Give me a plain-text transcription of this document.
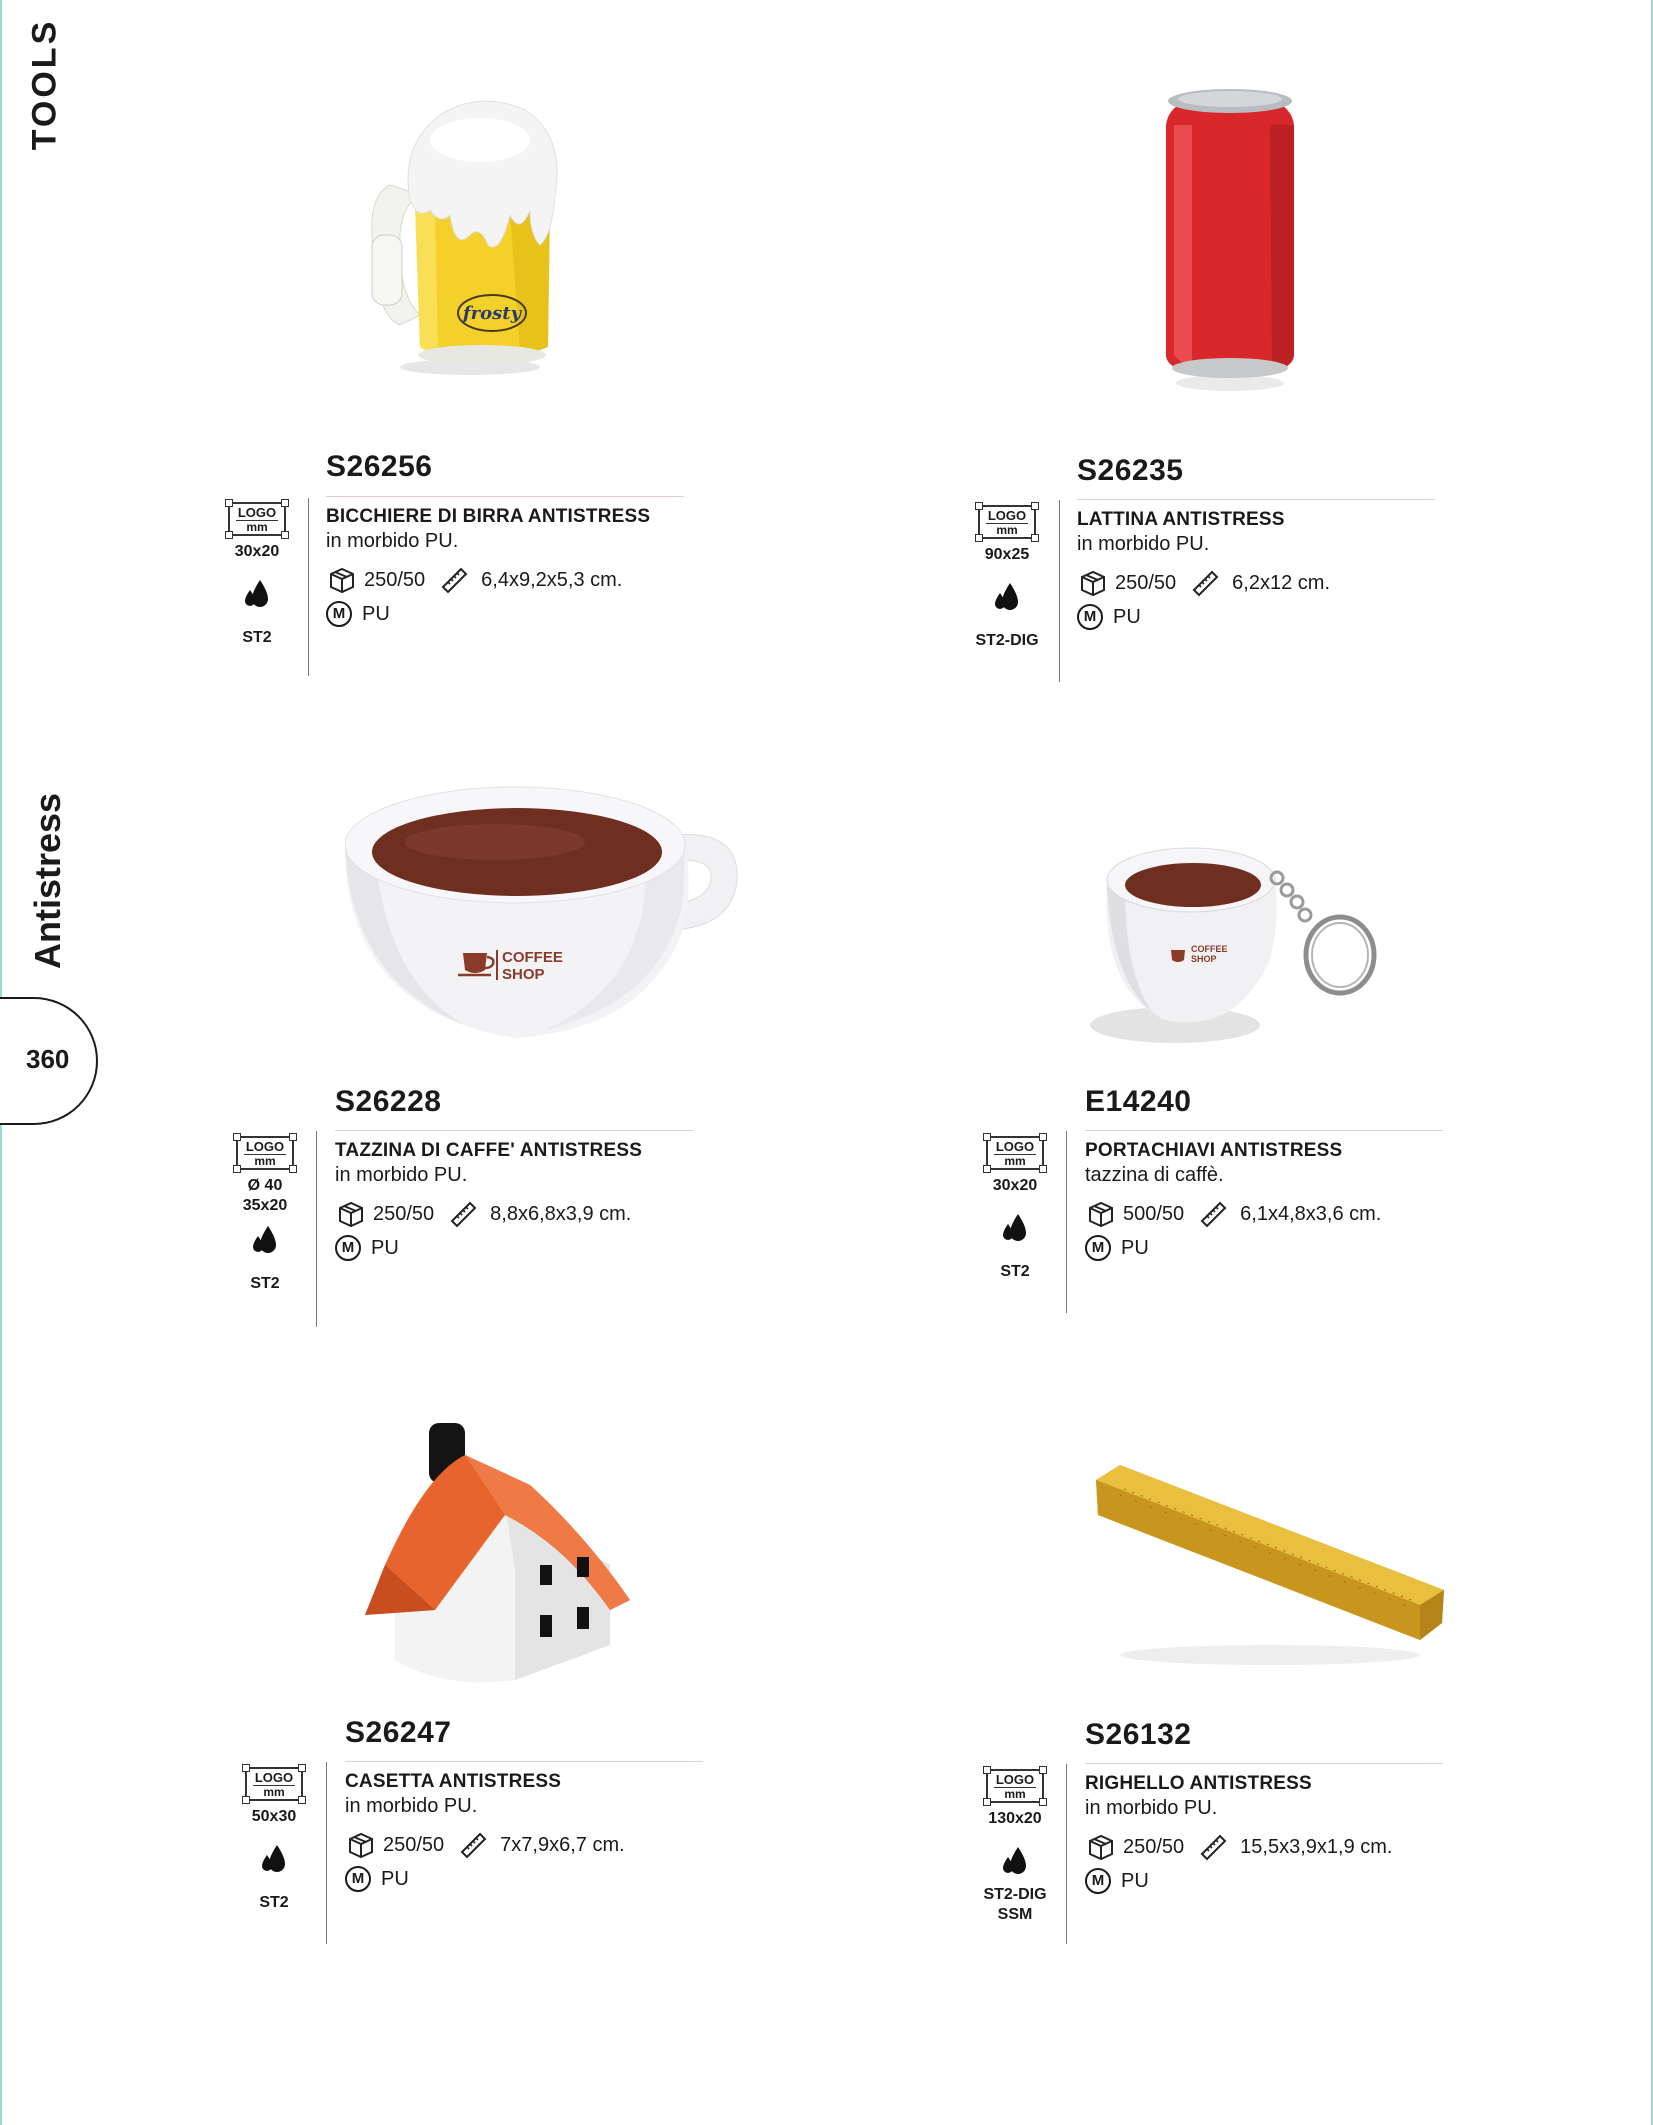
TOOLS
Antistress
360
frosty
S26256
LOGO
mm
30x20
ST2
BICCHIERE DI BIRRA ANTISTRESS
in morbido PU.
250/50	6,4x9,2x5,3 cm.
M PU
S26235
LOGO
mm
90x25
ST2-DIG
LATTINA ANTISTRESS
in morbido PU.
250/50	6,2x12 cm.
M PU
COFFEE
SHOP
S26228
LOGO
mm
Ø 40
35x20
ST2
TAZZINA DI CAFFE' ANTISTRESS
in morbido PU.
250/50	8,8x6,8x3,9 cm.
M PU
COFFEE
SHOP
E14240
LOGO
mm
30x20
ST2
PORTACHIAVI ANTISTRESS
tazzina di caffè.
500/50	6,1x4,8x3,6 cm.
M PU
S26247
LOGO
mm
50x30
ST2
CASETTA ANTISTRESS
in morbido PU.
250/50	7x7,9x6,7 cm.
M PU
S26132
LOGO
mm
130x20
ST2-DIG
SSM
RIGHELLO ANTISTRESS
in morbido PU.
250/50	15,5x3,9x1,9 cm.
M PU
